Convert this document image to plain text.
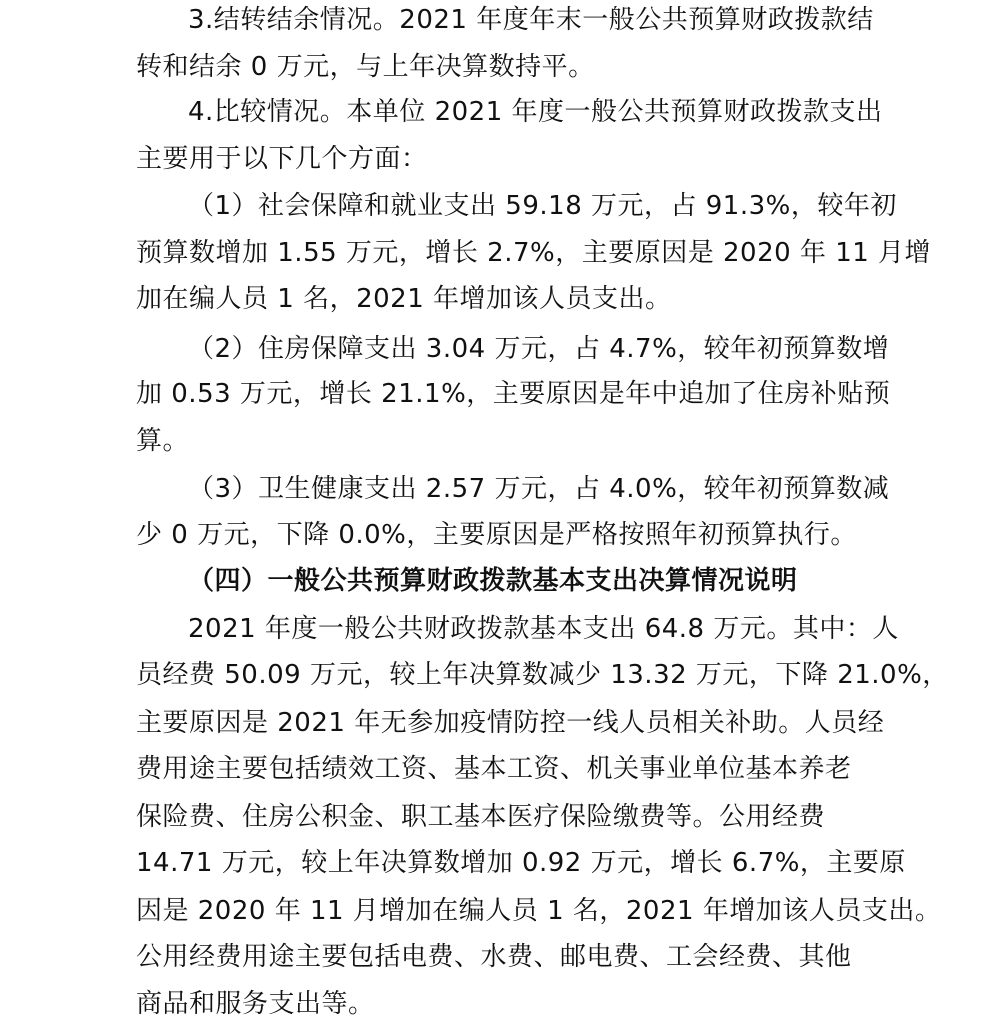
3.结转结余情况。2021 年度年末一般公共预算财政拨款结
转和结余 0 万元，与上年决算数持平。
4.比较情况。本单位 2021 年度一般公共预算财政拨款支出
主要用于以下几个方面：
（1）社会保障和就业支出 59.18 万元，占 91.3%，较年初
预算数增加 1.55 万元，增长 2.7%，主要原因是 2020 年 11 月增
加在编人员 1 名，2021 年增加该人员支出。
（2）住房保障支出 3.04 万元，占 4.7%，较年初预算数增
加 0.53 万元，增长 21.1%，主要原因是年中追加了住房补贴预
算。
（3）卫生健康支出 2.57 万元，占 4.0%，较年初预算数减
少 0 万元，下降 0.0%，主要原因是严格按照年初预算执行。
（四）一般公共预算财政拨款基本支出决算情况说明
2021 年度一般公共财政拨款基本支出 64.8 万元。其中：人
员经费 50.09 万元，较上年决算数减少 13.32 万元，下降 21.0%，
主要原因是 2021 年无参加疫情防控一线人员相关补助。人员经
费用途主要包括绩效工资、基本工资、机关事业单位基本养老
保险费、住房公积金、职工基本医疗保险缴费等。公用经费
14.71 万元，较上年决算数增加 0.92 万元，增长 6.7%，主要原
因是 2020 年 11 月增加在编人员 1 名，2021 年增加该人员支出。
公用经费用途主要包括电费、水费、邮电费、工会经费、其他
商品和服务支出等。
